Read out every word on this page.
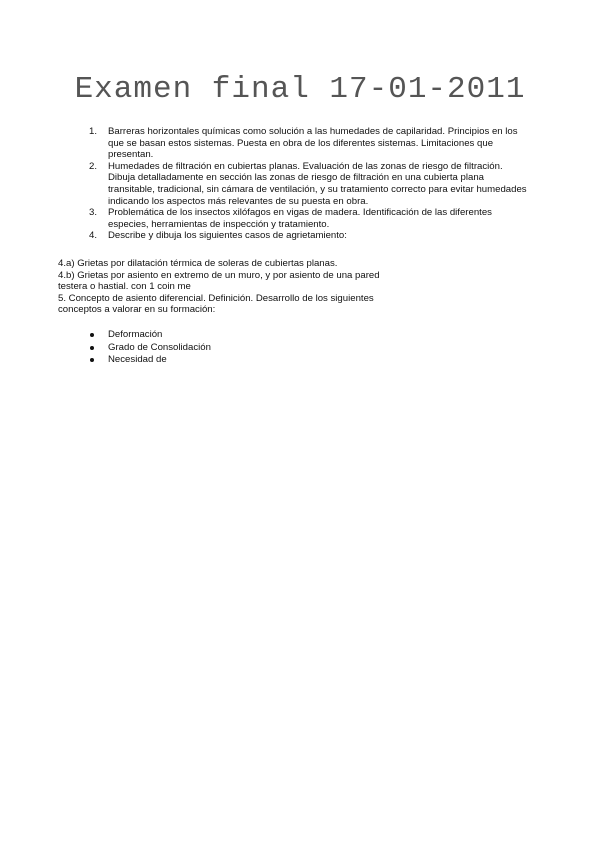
Examen final 17-01-2011
1. Barreras horizontales químicas como solución a las humedades de capilaridad. Principios en los que se basan estos sistemas. Puesta en obra de los diferentes sistemas. Limitaciones que presentan.
2. Humedades de filtración en cubiertas planas. Evaluación de las zonas de riesgo de filtración. Dibuja detalladamente en sección las zonas de riesgo de filtración en una cubierta plana transitable, tradicional, sin cámara de ventilación, y su tratamiento correcto para evitar humedades indicando los aspectos más relevantes de su puesta en obra.
3. Problemática de los insectos xilófagos en vigas de madera. Identificación de las diferentes especies, herramientas de inspección y tratamiento.
4. Describe y dibuja los siguientes casos de agrietamiento:

4.a) Grietas por dilatación térmica de soleras de cubiertas planas.

4.b) Grietas por asiento en extremo de un muro, y por asiento de una pared

testera o hastial. con 1 coin me

5. Concepto de asiento diferencial. Definición. Desarrollo de los siguientes

conceptos a valorar en su formación:

Deformación
Grado de Consolidación
Necesidad de
